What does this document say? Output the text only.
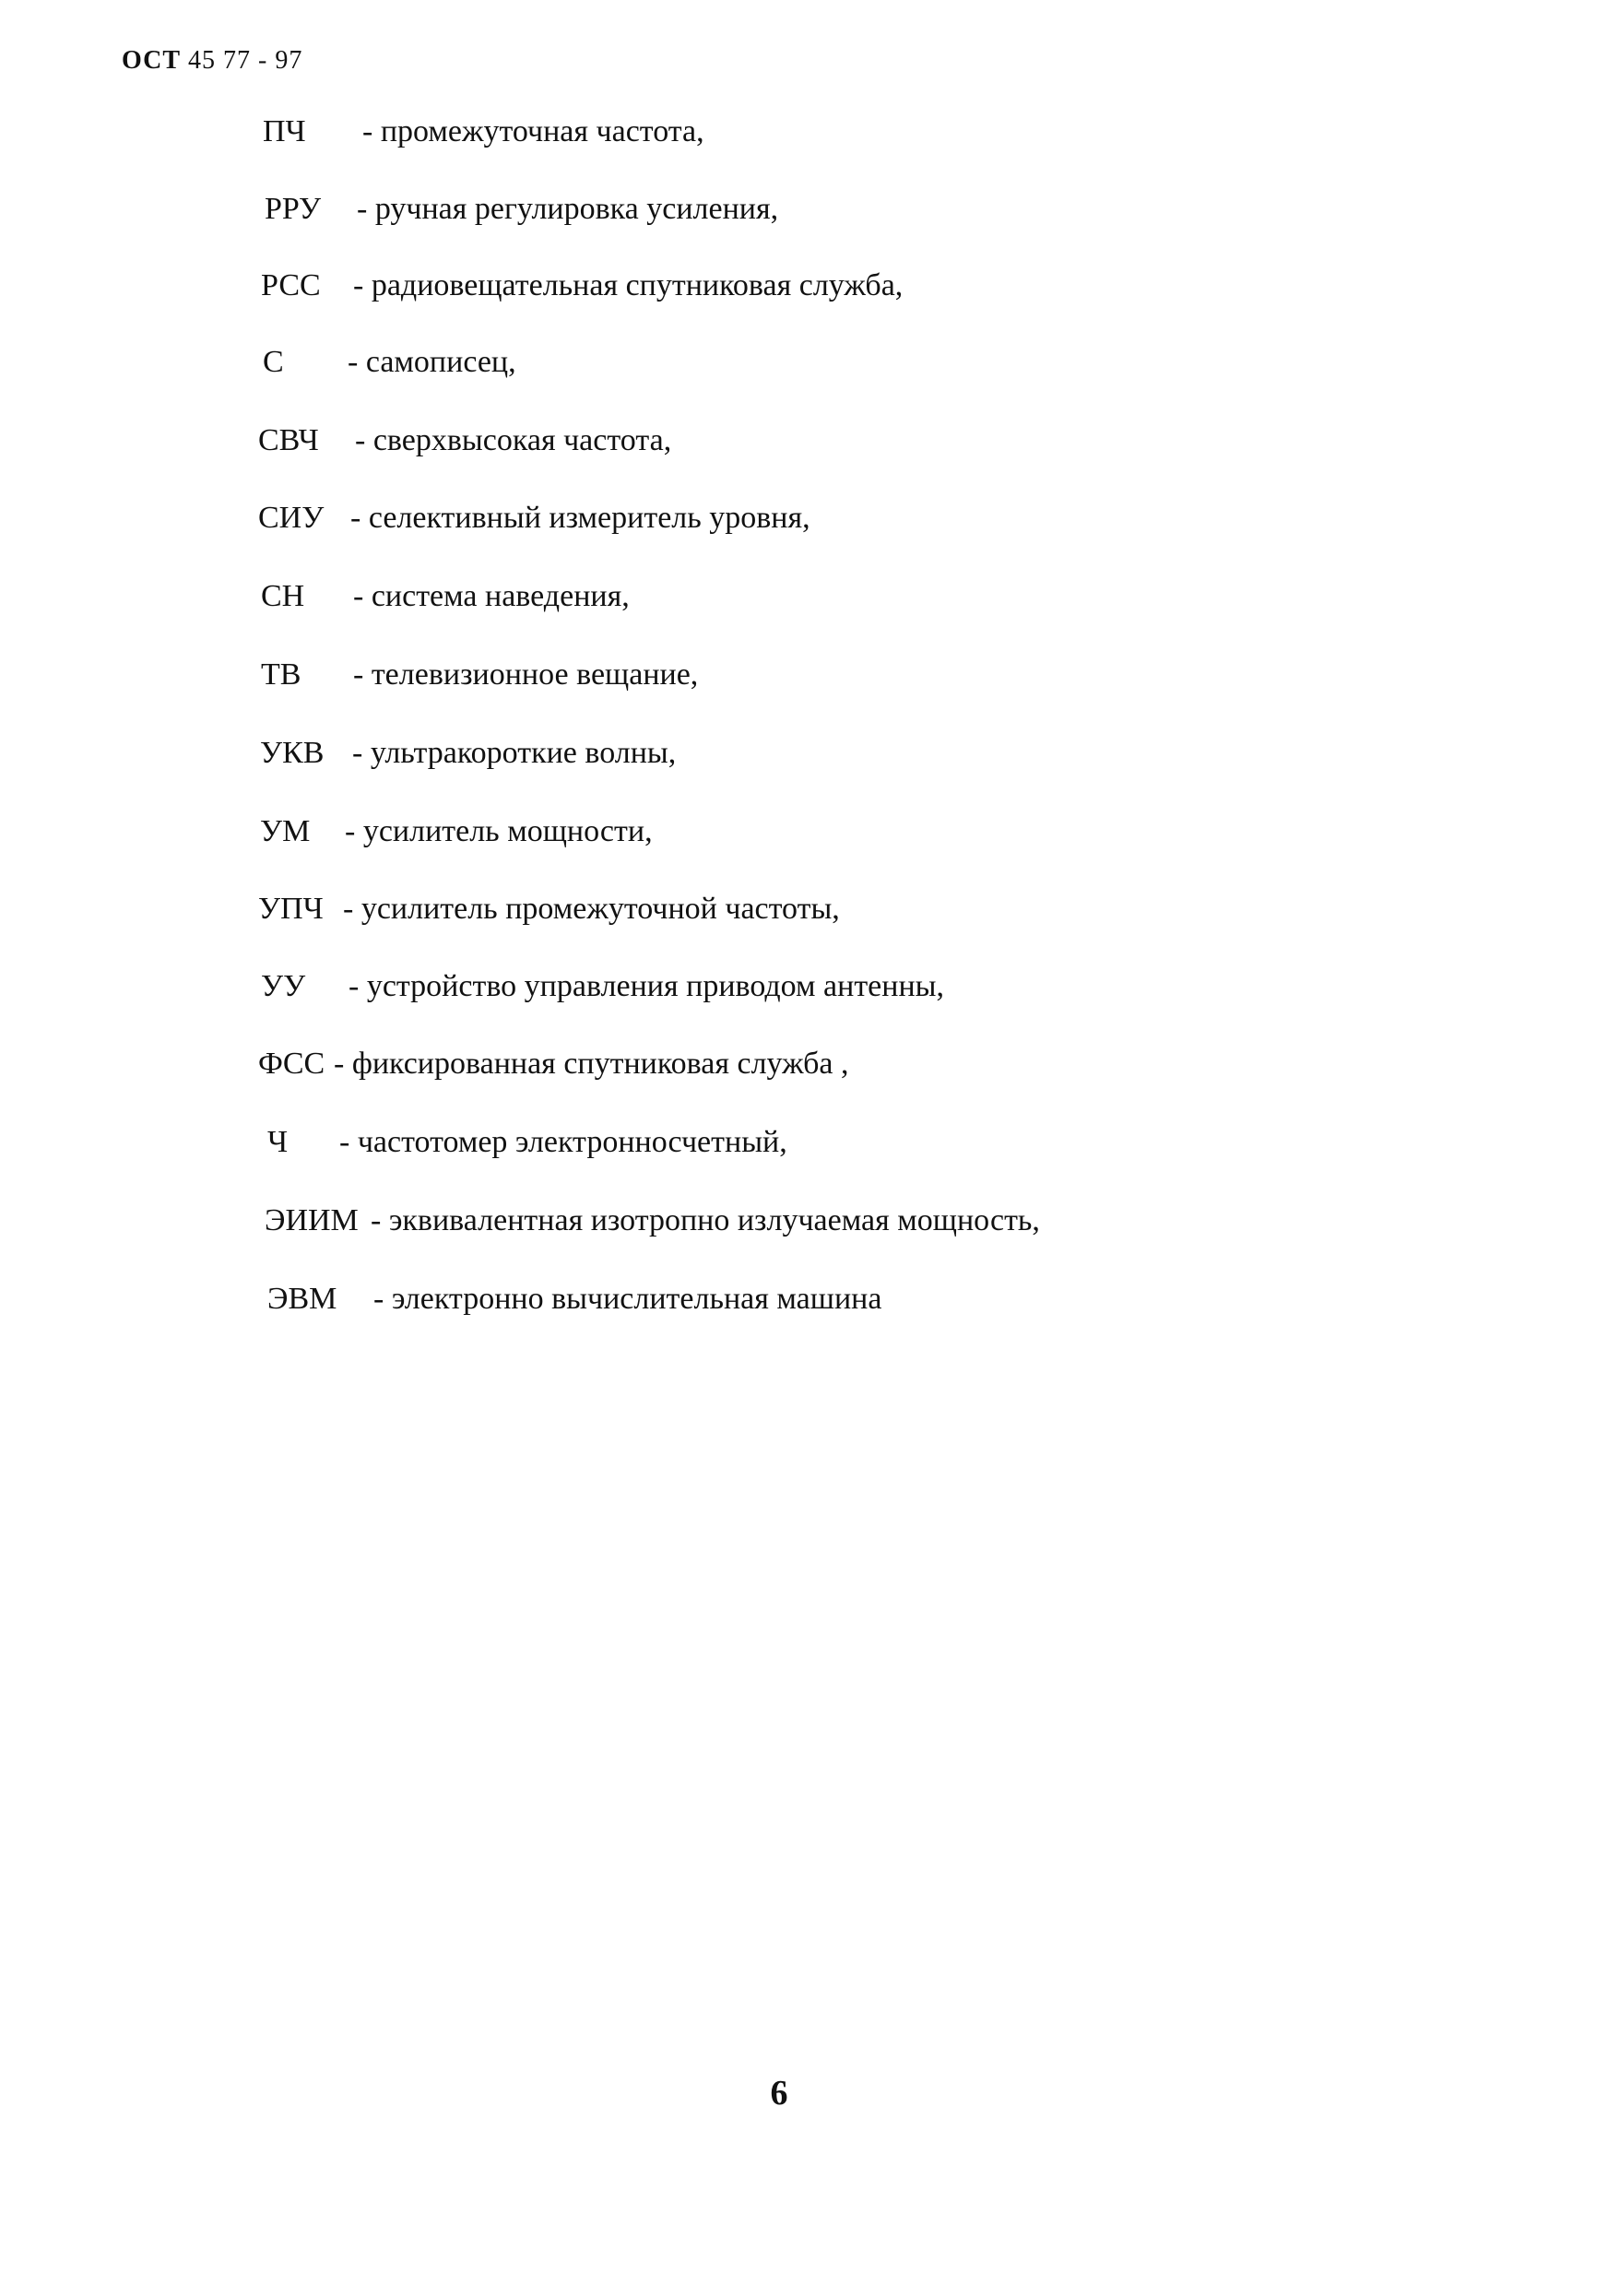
ОСТ 45 77 - 97
ПЧ - промежуточная частота,
РРУ - ручная регулировка усиления,
РСС - радиовещательная спутниковая служба,
С - самописец,
СВЧ - сверхвысокая частота,
СИУ - селективный измеритель уровня,
СН - система наведения,
ТВ - телевизионное вещание,
УКВ - ультракороткие волны,
УМ - усилитель мощности,
УПЧ - усилитель промежуточной частоты,
УУ - устройство управления приводом антенны,
ФСС - фиксированная спутниковая служба ,
Ч - частотомер электронносчетный,
ЭИИМ - эквивалентная изотропно излучаемая мощность,
ЭВМ - электронно вычислительная машина
6
